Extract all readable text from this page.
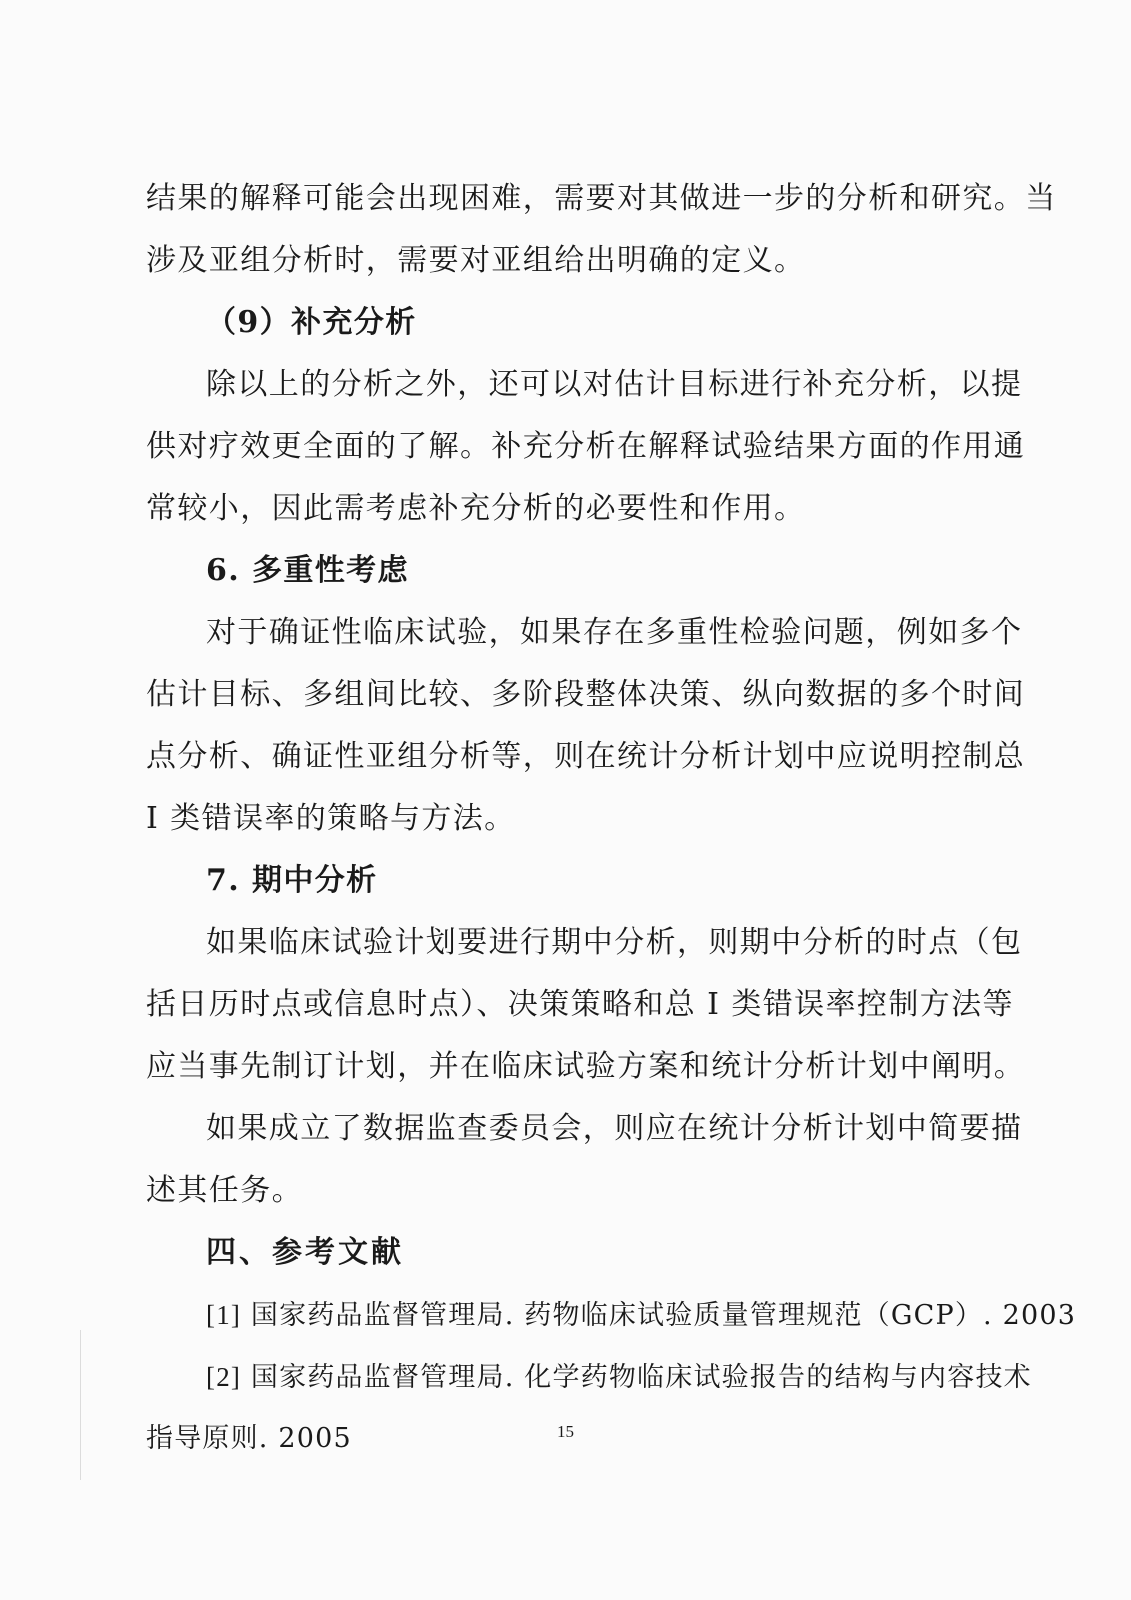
结果的解释可能会出现困难，需要对其做进一步的分析和研究。当
涉及亚组分析时，需要对亚组给出明确的定义。
（9）补充分析
除以上的分析之外，还可以对估计目标进行补充分析，以提
供对疗效更全面的了解。补充分析在解释试验结果方面的作用通
常较小，因此需考虑补充分析的必要性和作用。
6. 多重性考虑
对于确证性临床试验，如果存在多重性检验问题，例如多个
估计目标、多组间比较、多阶段整体决策、纵向数据的多个时间
点分析、确证性亚组分析等，则在统计分析计划中应说明控制总
I 类错误率的策略与方法。
7. 期中分析
如果临床试验计划要进行期中分析，则期中分析的时点（包
括日历时点或信息时点）、决策策略和总 I 类错误率控制方法等
应当事先制订计划，并在临床试验方案和统计分析计划中阐明。
如果成立了数据监查委员会，则应在统计分析计划中简要描
述其任务。
四、参考文献
[1] 国家药品监督管理局. 药物临床试验质量管理规范（GCP）. 2003
[2] 国家药品监督管理局. 化学药物临床试验报告的结构与内容技术
指导原则. 2005	15
